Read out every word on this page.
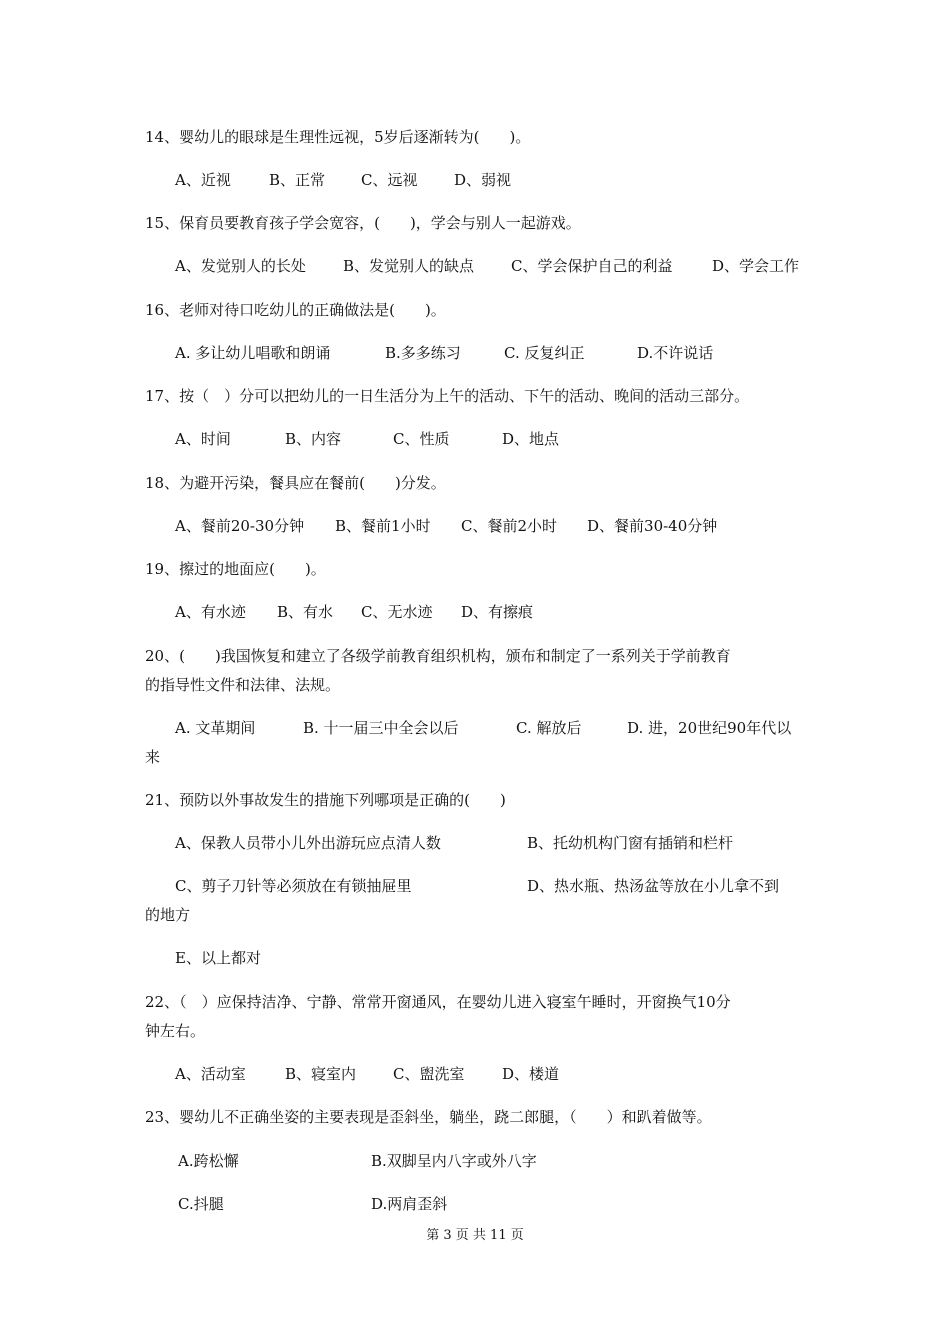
14、婴幼儿的眼球是生理性远视，5岁后逐渐转为(　　)。
A、近视	B、正常 C、远视 D、弱视
15、保育员要教育孩子学会宽容，(　　)，学会与别人一起游戏。
A、发觉别人的长处 B、发觉别人的缺点 C、学会保护自己的利益	D、学会工作
16、老师对待口吃幼儿的正确做法是(　　)。
A. 多让幼儿唱歌和朗诵	B.多多练习	C. 反复纠正	D.不许说话
17、按（　）分可以把幼儿的一日生活分为上午的活动、下午的活动、晚间的活动三部分。
A、时间	B、内容	C、性质	D、地点
18、为避开污染，餐具应在餐前(　　)分发。
A、餐前20-30分钟 B、餐前1小时 C、餐前2小时 D、餐前30-40分钟
19、擦过的地面应(　　)。
A、有水迹 B、有水 C、无水迹 D、有擦痕
20、(　　)我国恢复和建立了各级学前教育组织机构，颁布和制定了一系列关于学前教育
的指导性文件和法律、法规。
A. 文革期间	B. 十一届三中全会以后	C. 解放后	D. 进，20世纪90年代以
来
21、预防以外事故发生的措施下列哪项是正确的(　　)
A、保教人员带小儿外出游玩应点清人数	B、托幼机构门窗有插销和栏杆
C、剪子刀针等必须放在有锁抽屉里	D、热水瓶、热汤盆等放在小儿拿不到
的地方
E、以上都对
22、（　）应保持洁净、宁静、常常开窗通风，在婴幼儿进入寝室午睡时，开窗换气10分
钟左右。
A、活动室	B、寝室内 C、盥洗室	D、楼道
23、婴幼儿不正确坐姿的主要表现是歪斜坐，躺坐，跷二郎腿，（　　）和趴着做等。
A.跨松懈	B.双脚呈内八字或外八字
C.抖腿	D.两肩歪斜
第 3 页 共 11 页
